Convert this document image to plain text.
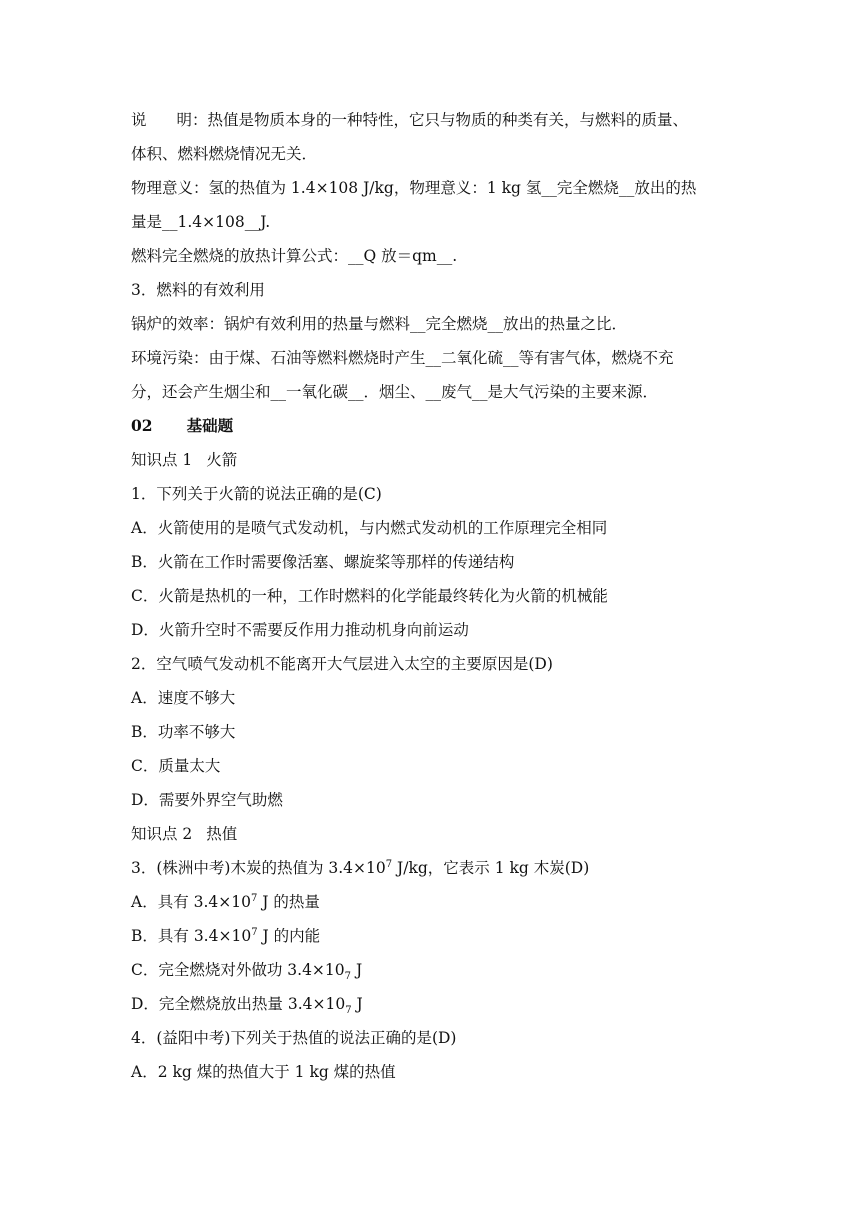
说 明：热值是物质本身的一种特性，它只与物质的种类有关，与燃料的质量、
体积、燃料燃烧情况无关．
物理意义：氢的热值为 1.4×108 J/kg，物理意义：1 kg 氢__完全燃烧__放出的热
量是__1.4×108__J.
燃料完全燃烧的放热计算公式：__Q 放＝qm__.
3．燃料的有效利用
锅炉的效率：锅炉有效利用的热量与燃料__完全燃烧__放出的热量之比．
环境污染：由于煤、石油等燃料燃烧时产生__二氧化硫__等有害气体，燃烧不充
分，还会产生烟尘和__一氧化碳__．烟尘、__废气__是大气污染的主要来源．
02 基础题
知识点 1 火箭
1．下列关于火箭的说法正确的是(C)
A．火箭使用的是喷气式发动机，与内燃式发动机的工作原理完全相同
B．火箭在工作时需要像活塞、螺旋桨等那样的传递结构
C．火箭是热机的一种，工作时燃料的化学能最终转化为火箭的机械能
D．火箭升空时不需要反作用力推动机身向前运动
2．空气喷气发动机不能离开大气层进入太空的主要原因是(D)
A．速度不够大
B．功率不够大
C．质量太大
D．需要外界空气助燃
知识点 2 热值
3．(株洲中考)木炭的热值为 $3.4\times 10^7$ J/kg，它表示 1 kg 木炭(D)
A．具有 $3.4\times 10^7$ J 的热量
B．具有 $3.4\times 10^7$ J 的内能
C．完全燃烧对外做功 $3.4\times 10_7$ J
D．完全燃烧放出热量 $3.4\times 10_7$ J
4．(益阳中考)下列关于热值的说法正确的是(D)
A．2 kg 煤的热值大于 1 kg 煤的热值
